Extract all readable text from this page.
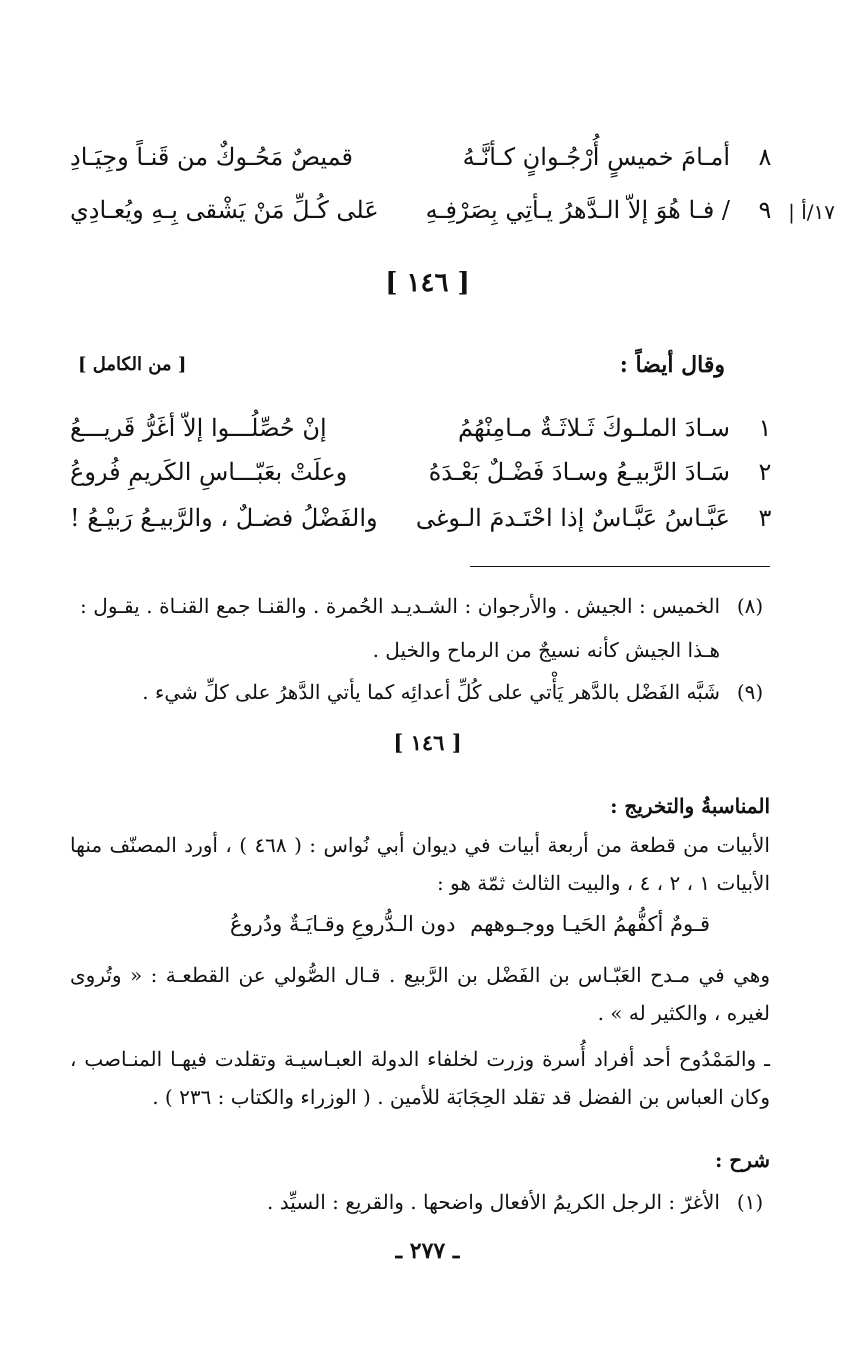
٨
أمـامَ خميسٍ أُرْجُـوانٍ كـأنَّـهُ
قميصٌ مَحُـوكٌ من قَنـاً وجِيَـادِ
١٧/أ |
٩
/ فـا هُوَ إلاّ الـدَّهرُ يـأتِي بِصَرْفِـهِ
عَلى كُـلِّ مَنْ يَشْقى بِـهِ ويُعـادِي
[ ١٤٦ ]
وقال أيضاً :
[ من الكامل ]
١
سـادَ الملـوكَ ثَـلاثَـةٌ مـامِنْهُمُ
إنْ حُصِّلُـــوا إلاّ أغَرُّ قَريـــعُ
٢
سَـادَ الرَّبيـعُ وسـادَ فَضْـلٌ بَعْـدَهُ
وعلَتْ بعَبّـــاسِ الكَريمِ فُروعُ
٣
عَبَّـاسُ عَبَّـاسٌ إذا احْتَـدمَ الـوغى
والفَضْلُ فضـلٌ ، والرَّبيـعُ رَبيْـعُ !
(٨)
الخميس : الجيش . والأرجوان : الشـديـد الحُمرة . والقنـا جمع القنـاة . يقـول : هـذا الجيش كأنه نسيجٌ من الرماح والخيل .
(٩)
شَبَّه الفَضْل بالدَّهر يَأْتي على كُلِّ أعدائِه كما يأتي الدَّهرُ على كلِّ شيء .
[ ١٤٦ ]
المناسبةُ والتخريج :
الأبيات من قطعة من أربعة أبيات في ديوان أبي نُواس : ( ٤٦٨ ) ، أورد المصنّف منها الأبيات ١ ، ٢ ، ٤ ، والبيت الثالث ثمّة هو :
قـومٌ أكفُّهمُ الحَيـا ووجـوههم
دون الـدُّروعِ وقـايَـةٌ ودُروعُ
وهي في مـدح العَبّـاس بن الفَضْل بن الرَّبيع . قـال الصُّولي عن القطعـة : « وتُروى لغيره ، والكثير له » .
ـ والمَمْدُوح أحد أفراد أُسرة وزرت لخلفاء الدولة العبـاسيـة وتقلدت فيهـا المنـاصب ، وكان العباس بن الفضل قد تقلد الحِجَابَة للأمين . ( الوزراء والكتاب : ٢٣٦ ) .
شرح :
(١)
الأغرّ : الرجل الكريمُ الأفعال واضحها . والقريع : السيِّد .
ـ ٢٧٧ ـ
